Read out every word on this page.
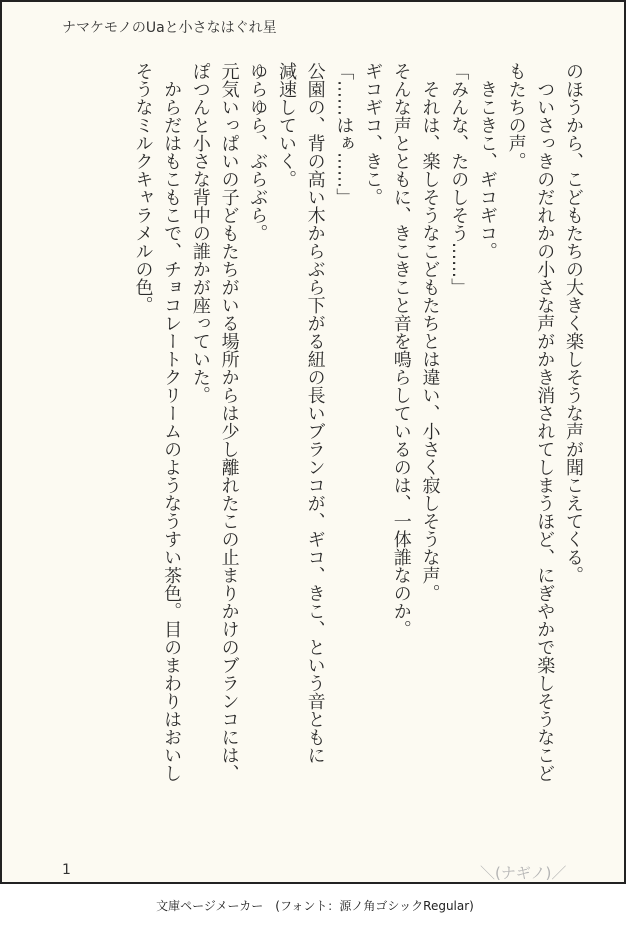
ナマケモノのUaと小さなはぐれ星

のほうから、こどもたちの大きく楽しそうな声が聞こえてくる。

　ついさっきのだれかの小さな声がかき消されてしまうほど、にぎやかで楽しそうなこど

もたちの声。

　きこきこ、ギコギコ。

「みんな、たのしそう……」

　それは、楽しそうなこどもたちとは違い、小さく寂しそうな声。

そんな声とともに、きこきこと音を鳴らしているのは、一体誰なのか。

ギコギコ、きこ。

「……はぁ……」

公園の、背の高い木からぶら下がる紐の長いブランコが、ギコ、きこ、という音ともに

減速していく。

ゆらゆら、ぶらぶら。

元気いっぱいの子どもたちがいる場所からは少し離れたこの止まりかけのブランコには、

ぽつんと小さな背中の誰かが座っていた。

　からだはもこもこで、チョコレートクリームのようなうすい茶色。目のまわりはおいし

そうなミルクキャラメルの色。

1	＼(ナギノ)／
文庫ページメーカー　(フォント：源ノ角ゴシックRegular)
